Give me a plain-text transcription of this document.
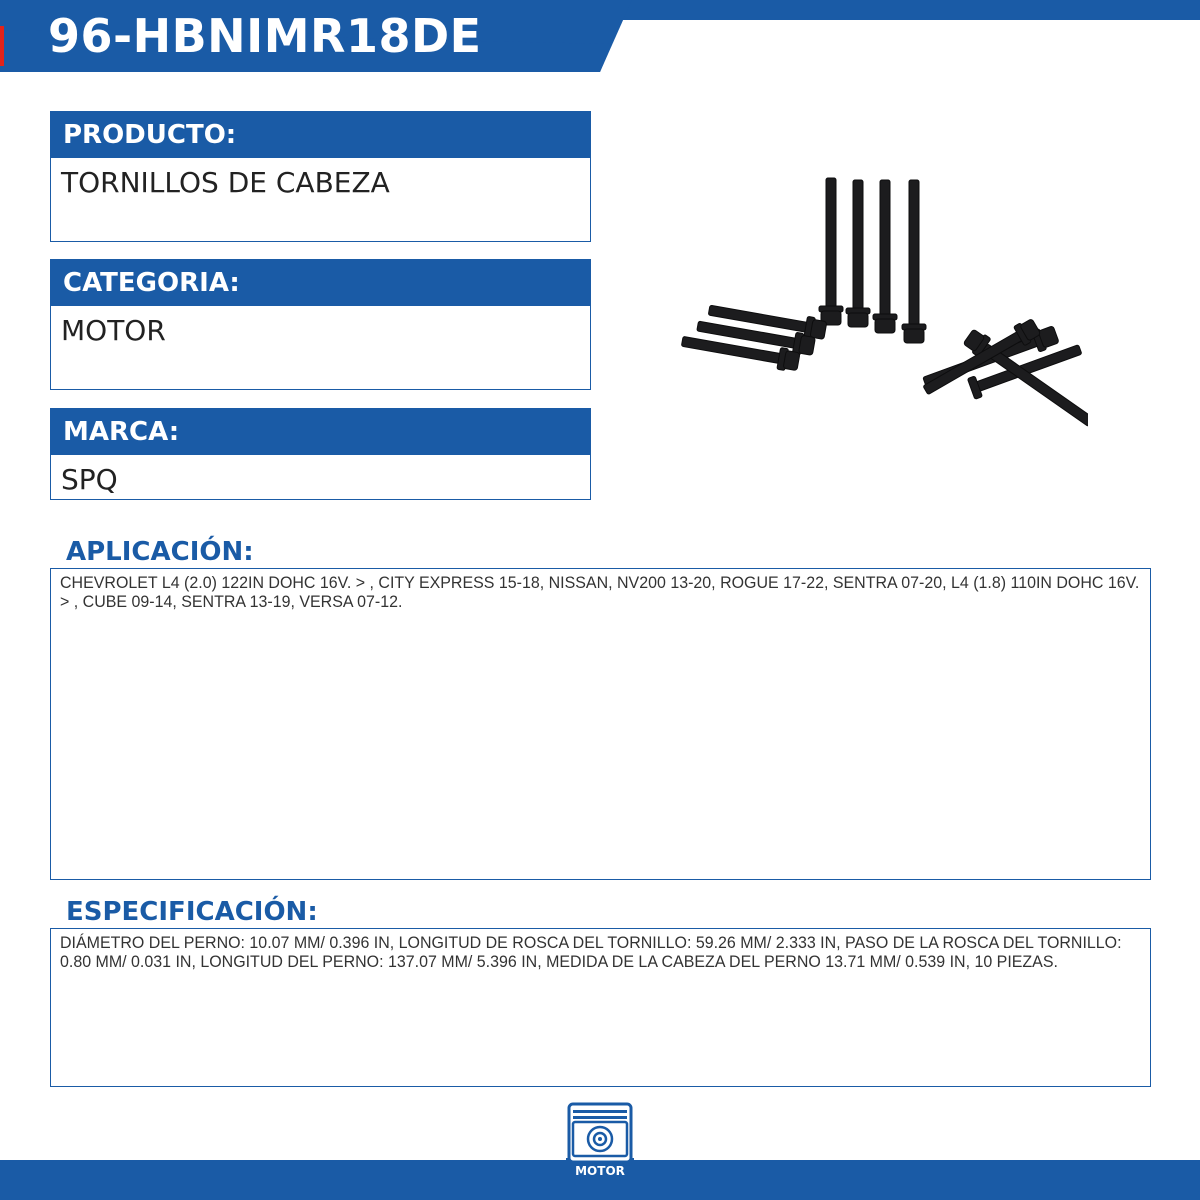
96-HBNIMR18DE
PRODUCTO:
TORNILLOS DE CABEZA
CATEGORIA:
MOTOR
MARCA:
SPQ
APLICACIÓN:
CHEVROLET L4 (2.0) 122IN DOHC 16V. > , CITY EXPRESS 15-18, NISSAN, NV200 13-20, ROGUE 17-22, SENTRA 07-20, L4 (1.8) 110IN DOHC 16V. > , CUBE 09-14, SENTRA 13-19, VERSA 07-12.
ESPECIFICACIÓN:
DIÁMETRO DEL PERNO: 10.07 MM/ 0.396 IN, LONGITUD DE ROSCA DEL TORNILLO: 59.26 MM/ 2.333 IN, PASO DE LA ROSCA DEL TORNILLO: 0.80 MM/ 0.031 IN, LONGITUD DEL PERNO: 137.07 MM/ 5.396 IN, MEDIDA DE LA CABEZA DEL PERNO 13.71 MM/ 0.539 IN, 10 PIEZAS.
MOTOR
